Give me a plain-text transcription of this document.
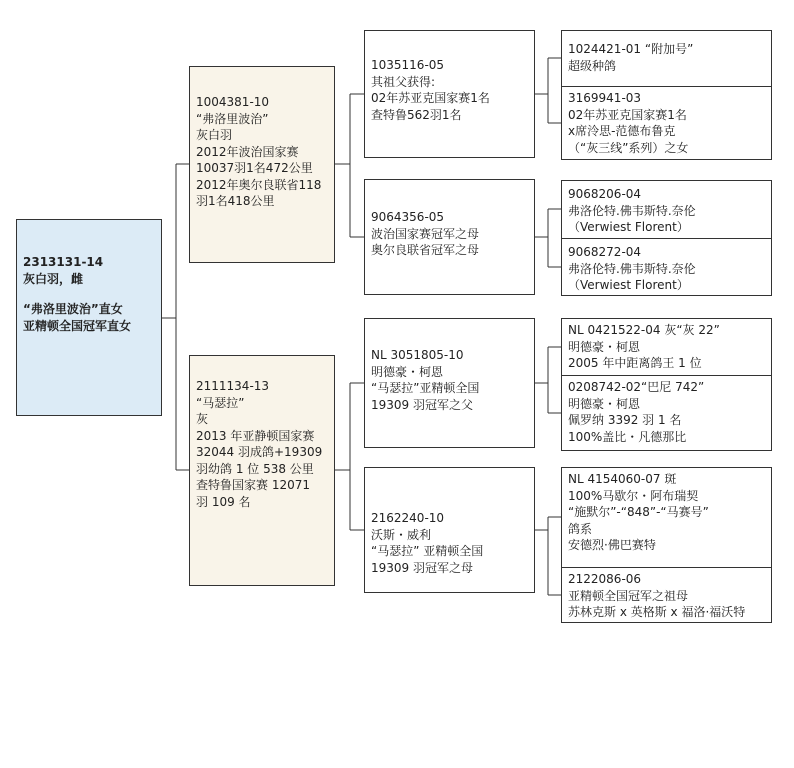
2313131-14
灰白羽，雌
“弗洛里波治”直女
亚精顿全国冠军直女
1004381-10
“弗洛里波治”
灰白羽
2012年波治国家赛
10037羽1名472公里
2012年奥尔良联省118
羽1名418公里
2111134-13
“马瑟拉”
灰
2013 年亚静顿国家赛
32044 羽成鸽+19309
羽幼鸽 1 位 538 公里
查特鲁国家赛 12071
羽 109 名
1035116-05
其祖父获得:
02年苏亚克国家赛1名
查特鲁562羽1名
9064356-05
波治国家赛冠军之母
奥尔良联省冠军之母
NL 3051805-10
明德豪・柯恩
“马瑟拉”亚精顿全国
19309 羽冠军之父
2162240-10
沃斯・威利
“马瑟拉” 亚精顿全国
19309 羽冠军之母
1024421-01 “附加号”
超级种鸽
3169941-03
02年苏亚克国家赛1名
x席泠思-范德布鲁克
（“灰三线”系列）之女
9068206-04
弗洛伦特.佛韦斯特.奈伦
（Verwiest Florent）
9068272-04
弗洛伦特.佛韦斯特.奈伦
（Verwiest Florent）
NL 0421522-04 灰“灰 22”
明德豪・柯恩
2005 年中距离鸽王 1 位
0208742-02“巴尼 742”
明德豪・柯恩
佩罗纳 3392 羽 1 名
100%盖比・凡德那比
NL 4154060-07 斑
100%马歇尔・阿布瑞契
“施默尔”-“848”-“马赛号”
鸽系
安德烈·佛巴赛特
2122086-06
亚精顿全国冠军之祖母
苏林克斯 x 英格斯 x 福洛·福沃特
